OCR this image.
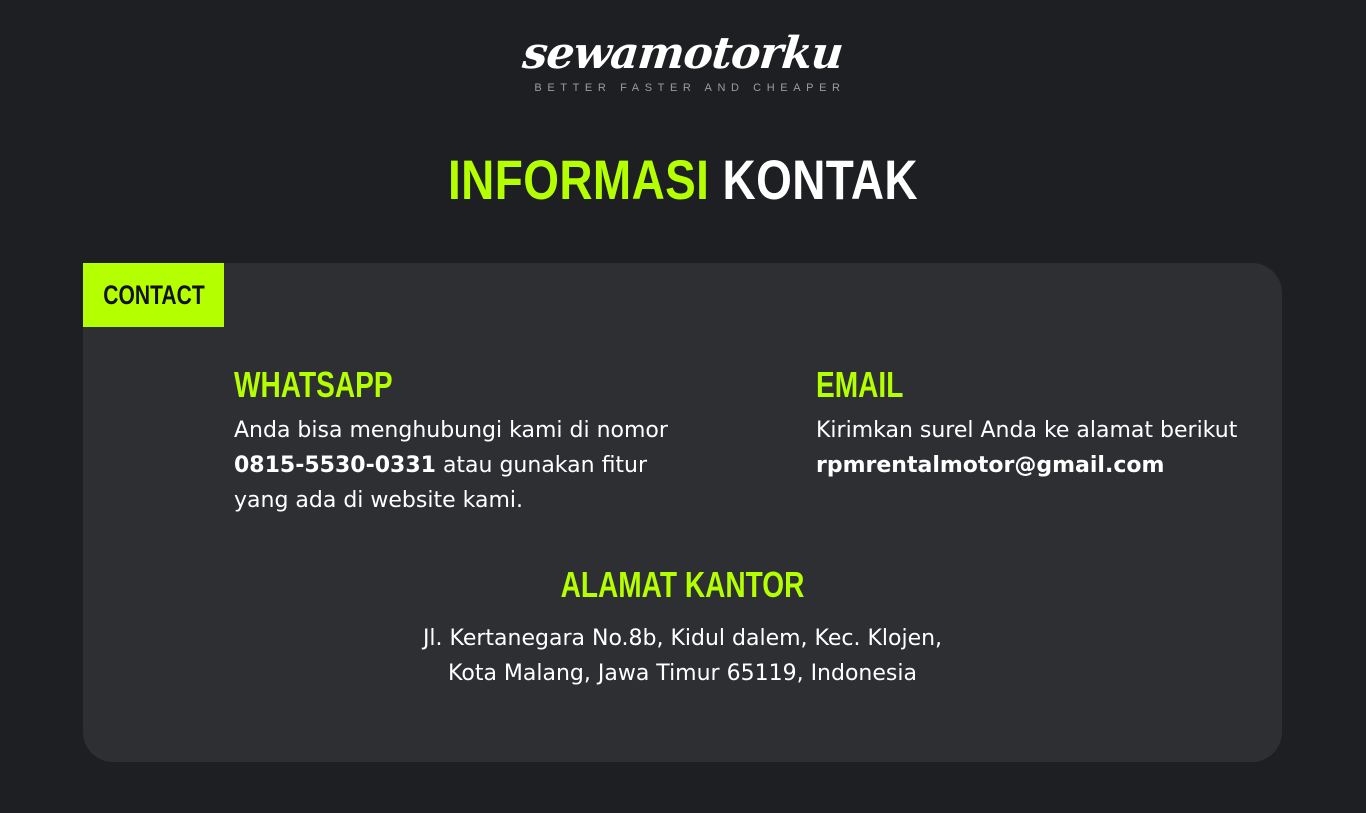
sewamotorku
BETTER FASTER AND CHEAPER
INFORMASI KONTAK
CONTACT
WHATSAPP

Anda bisa menghubungi kami di nomor 0815-5530-0331 atau gunakan fitur yang ada di website kami.

EMAIL

Kirimkan surel Anda ke alamat berikut
rpmrentalmotor@gmail.com

ALAMAT KANTOR

Jl. Kertanegara No.8b, Kidul dalem, Kec. Klojen,
Kota Malang, Jawa Timur 65119, Indonesia
